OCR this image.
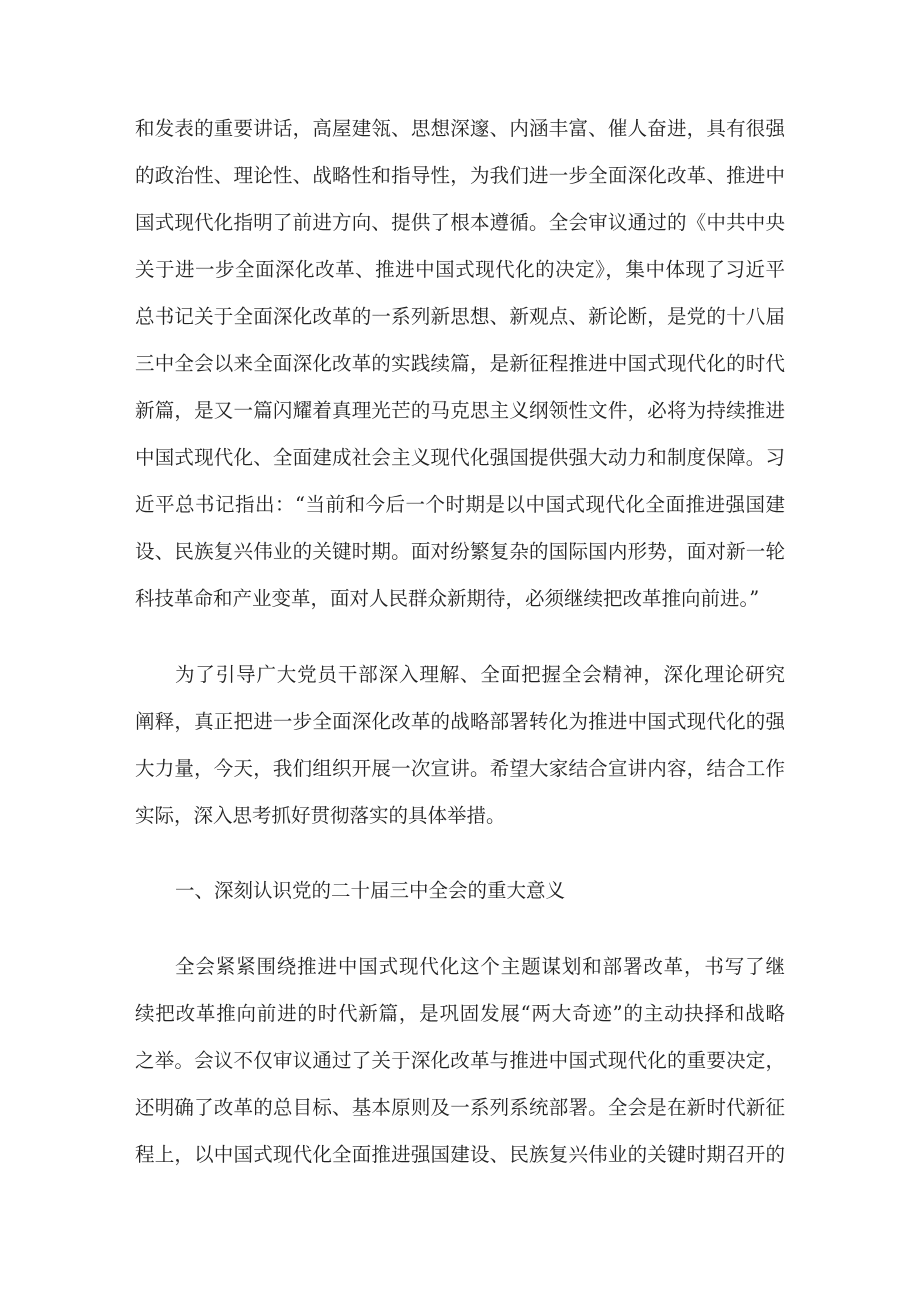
和发表的重要讲话，高屋建瓴、思想深邃、内涵丰富、催人奋进，具有很强

的政治性、理论性、战略性和指导性，为我们进一步全面深化改革、推进中

国式现代化指明了前进方向、提供了根本遵循。全会审议通过的《中共中央

关于进一步全面深化改革、推进中国式现代化的决定》，集中体现了习近平

总书记关于全面深化改革的一系列新思想、新观点、新论断，是党的十八届

三中全会以来全面深化改革的实践续篇，是新征程推进中国式现代化的时代

新篇，是又一篇闪耀着真理光芒的马克思主义纲领性文件，必将为持续推进

中国式现代化、全面建成社会主义现代化强国提供强大动力和制度保障。习

近平总书记指出：“当前和今后一个时期是以中国式现代化全面推进强国建

设、民族复兴伟业的关键时期。面对纷繁复杂的国际国内形势，面对新一轮

科技革命和产业变革，面对人民群众新期待，必须继续把改革推向前进。”

为了引导广大党员干部深入理解、全面把握全会精神，深化理论研究

阐释，真正把进一步全面深化改革的战略部署转化为推进中国式现代化的强

大力量，今天，我们组织开展一次宣讲。希望大家结合宣讲内容，结合工作

实际，深入思考抓好贯彻落实的具体举措。

一、深刻认识党的二十届三中全会的重大意义

全会紧紧围绕推进中国式现代化这个主题谋划和部署改革，书写了继

续把改革推向前进的时代新篇，是巩固发展“两大奇迹”的主动抉择和战略

之举。会议不仅审议通过了关于深化改革与推进中国式现代化的重要决定，

还明确了改革的总目标、基本原则及一系列系统部署。全会是在新时代新征

程上，以中国式现代化全面推进强国建设、民族复兴伟业的关键时期召开的
